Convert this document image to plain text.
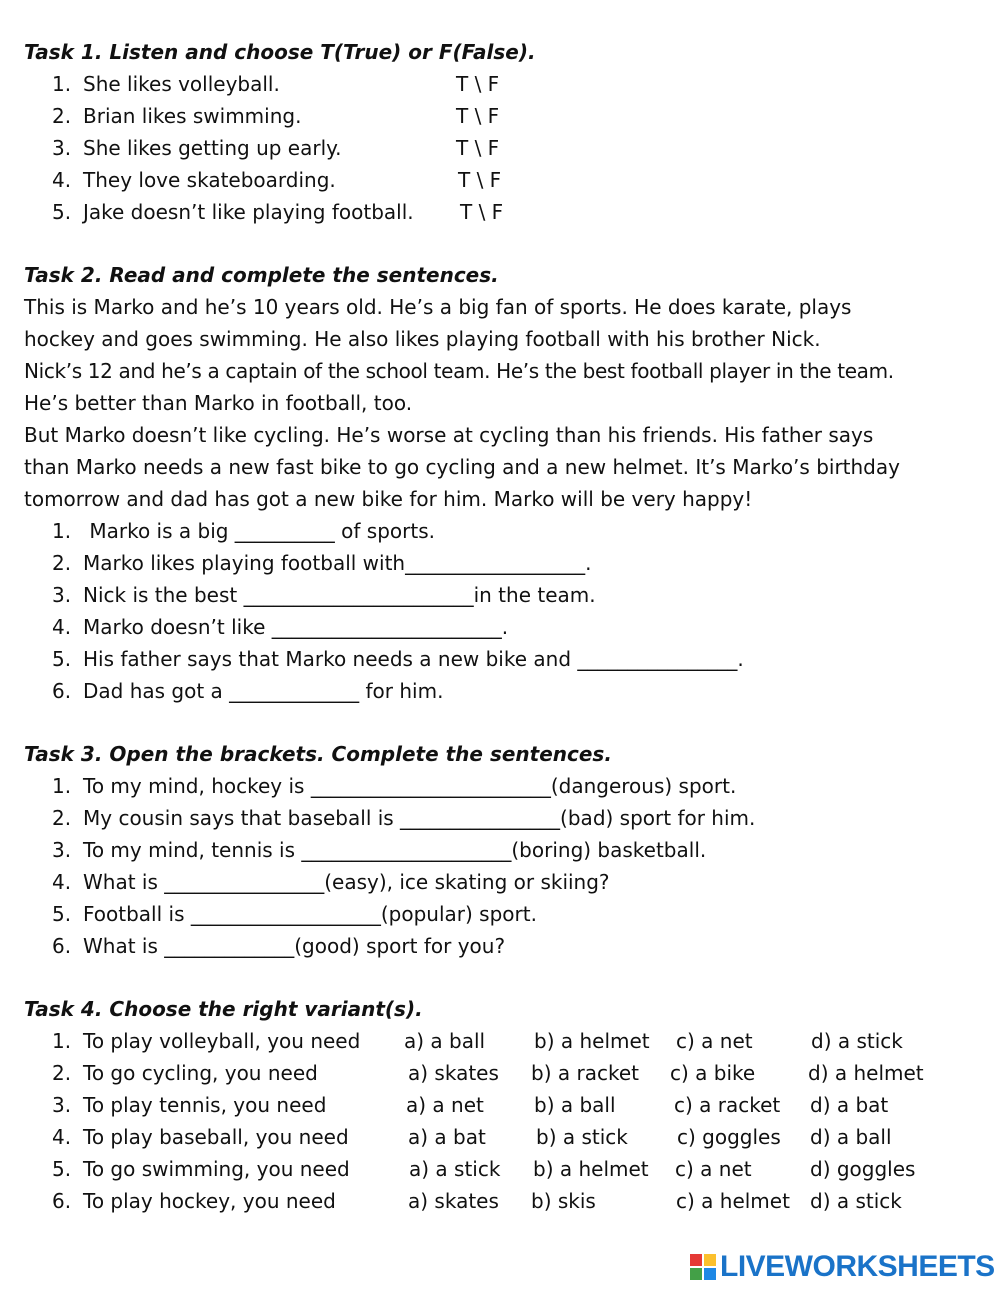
Task 1. Listen and choose T(True) or F(False).
1. She likes volleyball.	T \ F
2. Brian likes swimming.	T \ F
3. She likes getting up early.	T \ F
4. They love skateboarding.	T \ F
5. Jake doesn’t like playing football. T \ F
Task 2. Read and complete the sentences.
This is Marko and he’s 10 years old. He’s a big fan of sports. He does karate, plays
hockey and goes swimming. He also likes playing football with his brother Nick.
Nick’s 12 and he’s a captain of the school team. He’s the best football player in the team.
He’s better than Marko in football, too.
But Marko doesn’t like cycling. He’s worse at cycling than his friends. His father says
than Marko needs a new fast bike to go cycling and a new helmet. It’s Marko’s birthday
tomorrow and dad has got a new bike for him. Marko will be very happy!
1. Marko is a big __________ of sports.
2. Marko likes playing football with__________________.
3. Nick is the best _______________________in the team.
4. Marko doesn’t like _______________________.
5. His father says that Marko needs a new bike and ________________.
6. Dad has got a _____________ for him.
Task 3. Open the brackets. Complete the sentences.
1. To my mind, hockey is ________________________(dangerous) sport.
2. My cousin says that baseball is ________________(bad) sport for him.
3. To my mind, tennis is _____________________(boring) basketball.
4. What is ________________(easy), ice skating or skiing?
5. Football is ___________________(popular) sport.
6. What is _____________(good) sport for you?
Task 4. Choose the right variant(s).
1. To play volleyball, you need a) a ball b) a helmet c) a net	d) a stick
2. To go cycling, you need	a) skates b) a racket c) a bike	d) a helmet
3. To play tennis, you need	a) a net	b) a ball	c) a racket d) a bat
4. To play baseball, you need	a) a bat	b) a stick c) goggles d) a ball
5. To go swimming, you need	a) a stick b) a helmet c) a net	d) goggles
6. To play hockey, you need	a) skates b) skis	c) a helmet d) a stick
LIVEWORKSHEETS
